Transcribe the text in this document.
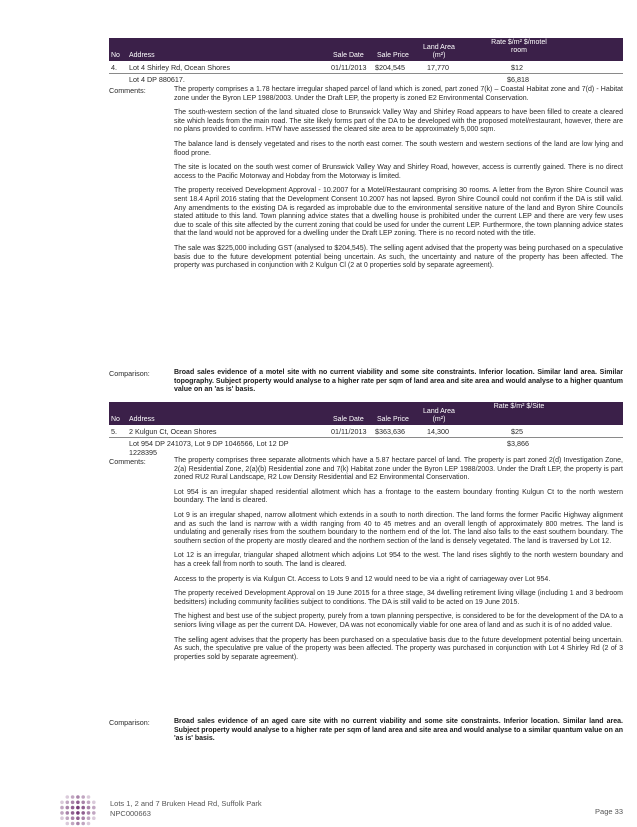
No Address	Sale Date Sale Price
Land Area (m²)
Rate $/m² $/motel room
4. Lot 4 Shirley Rd, Ocean Shores	01/11/2013 $204,545	17,770	$12
Lot 4 DP 880617.	$6,818
Comments:	The property comprises a 1.78 hectare irregular shaped parcel of land which is zoned, part zoned 7(k) – Coastal Habitat zone and 7(d) - Habitat zone under the Byron LEP 1988/2003. Under the Draft LEP, the property is zoned E2 Environmental Conservation.

The south-western section of the land situated close to Brunswick Valley Way and Shirley Road appears to have been filled to create a cleared site which leads from the main road. The site likely forms part of the DA to be developed with the proposed motel/restaurant, however, there are no plans provided to confirm. HTW have assessed the cleared site area to be approximately 5,000 sqm.

The balance land is densely vegetated and rises to the north east corner. The south western and western sections of the land are low lying and flood prone.

The site is located on the south west corner of Brunswick Valley Way and Shirley Road, however, access is currently gained. There is no direct access to the Pacific Motorway and Hobday from the Motorway is limited.

The property received Development Approval - 10.2007 for a Motel/Restaurant comprising 30 rooms. A letter from the Byron Shire Council was sent 18.4 April 2016 stating that the Development Consent 10.2007 has not lapsed. Byron Shire Council could not confirm if the DA is still valid. Any amendments to the existing DA is regarded as improbable due to the environmental sensitive nature of the land and Byron Shire Councils stated attitude to this land. Town planning advice states that a dwelling house is prohibited under the current LEP and there are very few uses due to scale of this site affected by the current zoning that could be used for under the current LEP. Furthermore, the town planning advice states that the land would not be approved for a dwelling under the Draft LEP zoning. There is no record noted with the title.

The sale was $225,000 including GST (analysed to $204,545). The selling agent advised that the property was being purchased on a speculative basis due to the future development potential being uncertain. As such, the uncertainty and nature of the property has been affected. The property was purchased in conjunction with 2 Kulgun Cl (2 at 0 properties sold by separate agreement).

Comparison:	Broad sales evidence of a motel site with no current viability and some site constraints. Inferior location. Similar land area. Similar topography. Subject property would analyse to a higher rate per sqm of land area and site area and would analyse to a higher quantum value on an 'as is' basis.
No Address	Sale Date Sale Price
Land Area (m²)
Rate $/m² $/Site
5. 2 Kulgun Ct, Ocean Shores	01/11/2013 $363,636	14,300	$25
Lot 954 DP 241073, Lot 9 DP 1046566, Lot 12 DP 1228395
$3,866
Comments:	The property comprises three separate allotments which have a 5.87 hectare parcel of land. The property is part zoned 2(d) Investigation Zone, 2(a) Residential Zone, 2(a)(b) Residential zone and 7(k) Habitat zone under the Byron LEP 1988/2003. Under the Draft LEP, the property is part zoned RU2 Rural Landscape, R2 Low Density Residential and E2 Environmental Conservation.

Lot 954 is an irregular shaped residential allotment which has a frontage to the eastern boundary fronting Kulgun Ct to the north western boundary. The land is cleared.

Lot 9 is an irregular shaped, narrow allotment which extends in a south to north direction. The land forms the former Pacific Highway alignment and as such the land is narrow with a width ranging from 40 to 45 metres and an overall length of approximately 800 metres. The land is undulating and generally rises from the southern boundary to the northern end of the lot. The land also falls to the east southern boundary. The southern section of the property are mostly cleared and the northern section of the land is densely vegetated. The land is traversed by Lot 12.

Lot 12 is an irregular, triangular shaped allotment which adjoins Lot 954 to the west. The land rises slightly to the north western boundary and has a creek fall from north to south. The land is cleared.

Access to the property is via Kulgun Ct. Access to Lots 9 and 12 would need to be via a right of carriageway over Lot 954.

The property received Development Approval on 19 June 2015 for a three stage, 34 dwelling retirement living village (including 1 and 3 bedroom bedsitters) including community facilities subject to conditions. The DA is still valid to be acted on 19 June 2015.

The highest and best use of the subject property, purely from a town planning perspective, is considered to be for the development of the DA to a seniors living village as per the current DA. However, DA was not economically viable for one area of land and as such it is of no added value.

The selling agent advises that the property has been purchased on a speculative basis due to the future development potential being uncertain. As such, the speculative pre value of the property was been affected. The property was purchased in conjunction with Lot 4 Shirley Rd (2 of 3 properties sold by separate agreement).

Comparison:	Broad sales evidence of an aged care site with no current viability and some site constraints. Inferior location. Similar land area. Subject property would analyse to a higher rate per sqm of land area and site area and would analyse to a similar quantum value on an 'as is' basis.
Lots 1, 2 and 7 Bruken Head Rd, Suffolk Park
NPC000663	Page 33
